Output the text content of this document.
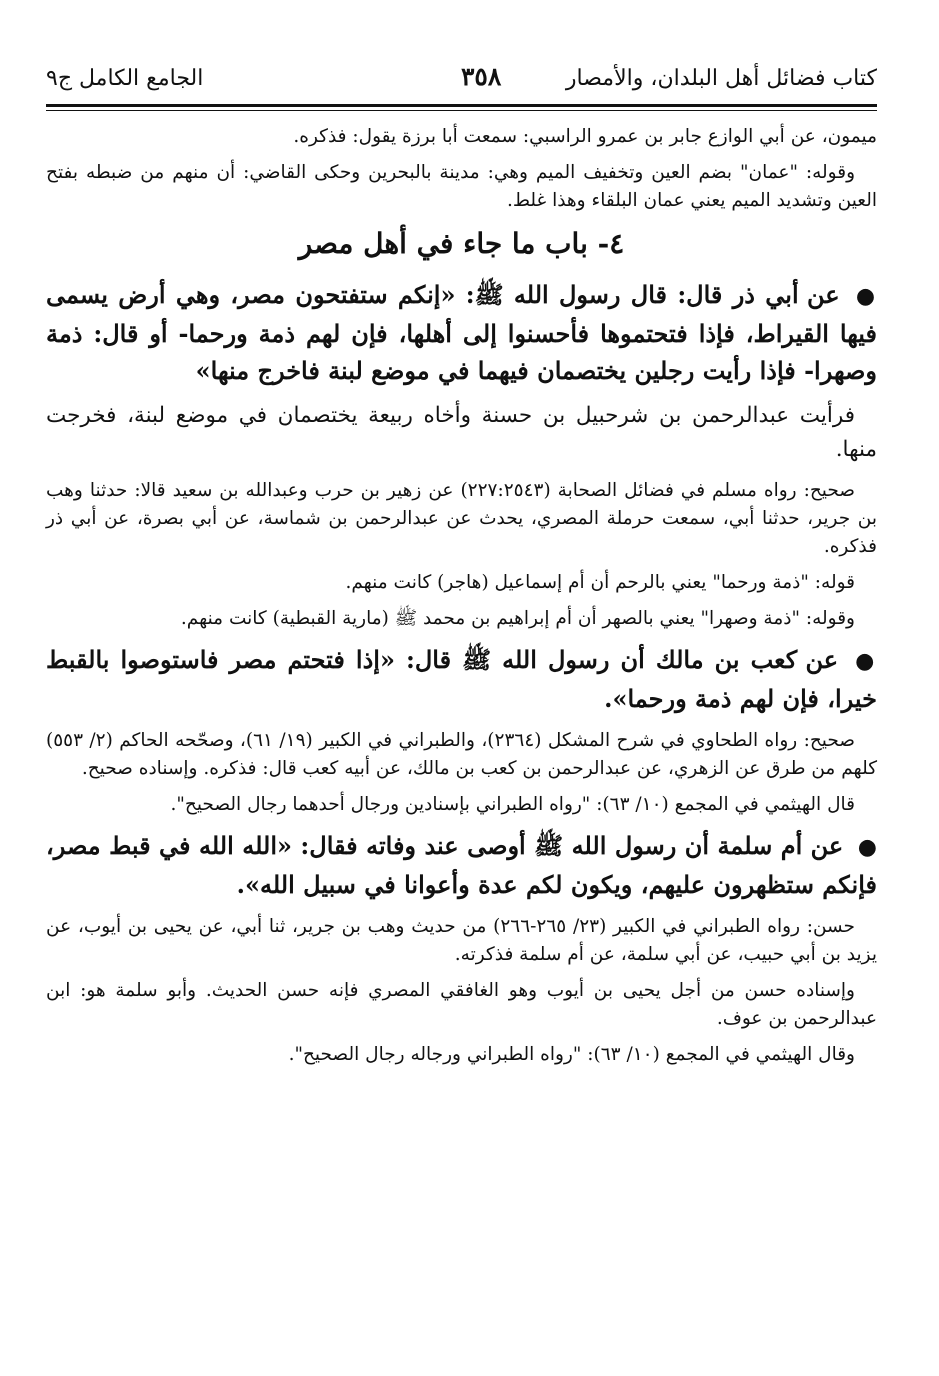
كتاب فضائل أهل البلدان، والأمصار
٣٥٨
الجامع الكامل ج٩

ميمون، عن أبي الوازع جابر بن عمرو الراسبي: سمعت أبا برزة يقول: فذكره.

وقوله: "عمان" بضم العين وتخفيف الميم وهي: مدينة بالبحرين وحكى القاضي: أن منهم من ضبطه بفتح العين وتشديد الميم يعني عمان البلقاء وهذا غلط.

٤- باب ما جاء في أهل مصر

● عن أبي ذر قال: قال رسول الله ﷺ: «إنكم ستفتحون مصر، وهي أرض يسمى فيها القيراط، فإذا فتحتموها فأحسنوا إلى أهلها، فإن لهم ذمة ورحما- أو قال: ذمة وصهرا- فإذا رأيت رجلين يختصمان فيهما في موضع لبنة فاخرج منها»

فرأيت عبدالرحمن بن شرحبيل بن حسنة وأخاه ربيعة يختصمان في موضع لبنة، فخرجت منها.

صحيح: رواه مسلم في فضائل الصحابة (٢٢٧:٢٥٤٣) عن زهير بن حرب وعبدالله بن سعيد قالا: حدثنا وهب بن جرير، حدثنا أبي، سمعت حرملة المصري، يحدث عن عبدالرحمن بن شماسة، عن أبي بصرة، عن أبي ذر فذكره.

قوله: "ذمة ورحما" يعني بالرحم أن أم إسماعيل (هاجر) كانت منهم.

وقوله: "ذمة وصهرا" يعني بالصهر أن أم إبراهيم بن محمد ﷺ (مارية القبطية) كانت منهم.

● عن كعب بن مالك أن رسول الله ﷺ قال: «إذا فتحتم مصر فاستوصوا بالقبط خيرا، فإن لهم ذمة ورحما».

صحيح: رواه الطحاوي في شرح المشكل (٢٣٦٤)، والطبراني في الكبير (١٩/ ٦١)، وصحّحه الحاكم (٢/ ٥٥٣) كلهم من طرق عن الزهري، عن عبدالرحمن بن كعب بن مالك، عن أبيه كعب قال: فذكره. وإسناده صحيح.

قال الهيثمي في المجمع (١٠/ ٦٣): "رواه الطبراني بإسنادين ورجال أحدهما رجال الصحيح".

● عن أم سلمة أن رسول الله ﷺ أوصى عند وفاته فقال: «الله الله في قبط مصر، فإنكم ستظهرون عليهم، ويكون لكم عدة وأعوانا في سبيل الله».

حسن: رواه الطبراني في الكبير (٢٣/ ٢٦٥-٢٦٦) من حديث وهب بن جرير، ثنا أبي، عن يحيى بن أيوب، عن يزيد بن أبي حبيب، عن أبي سلمة، عن أم سلمة فذكرته.

وإسناده حسن من أجل يحيى بن أيوب وهو الغافقي المصري فإنه حسن الحديث. وأبو سلمة هو: ابن عبدالرحمن بن عوف.

وقال الهيثمي في المجمع (١٠/ ٦٣): "رواه الطبراني ورجاله رجال الصحيح".
